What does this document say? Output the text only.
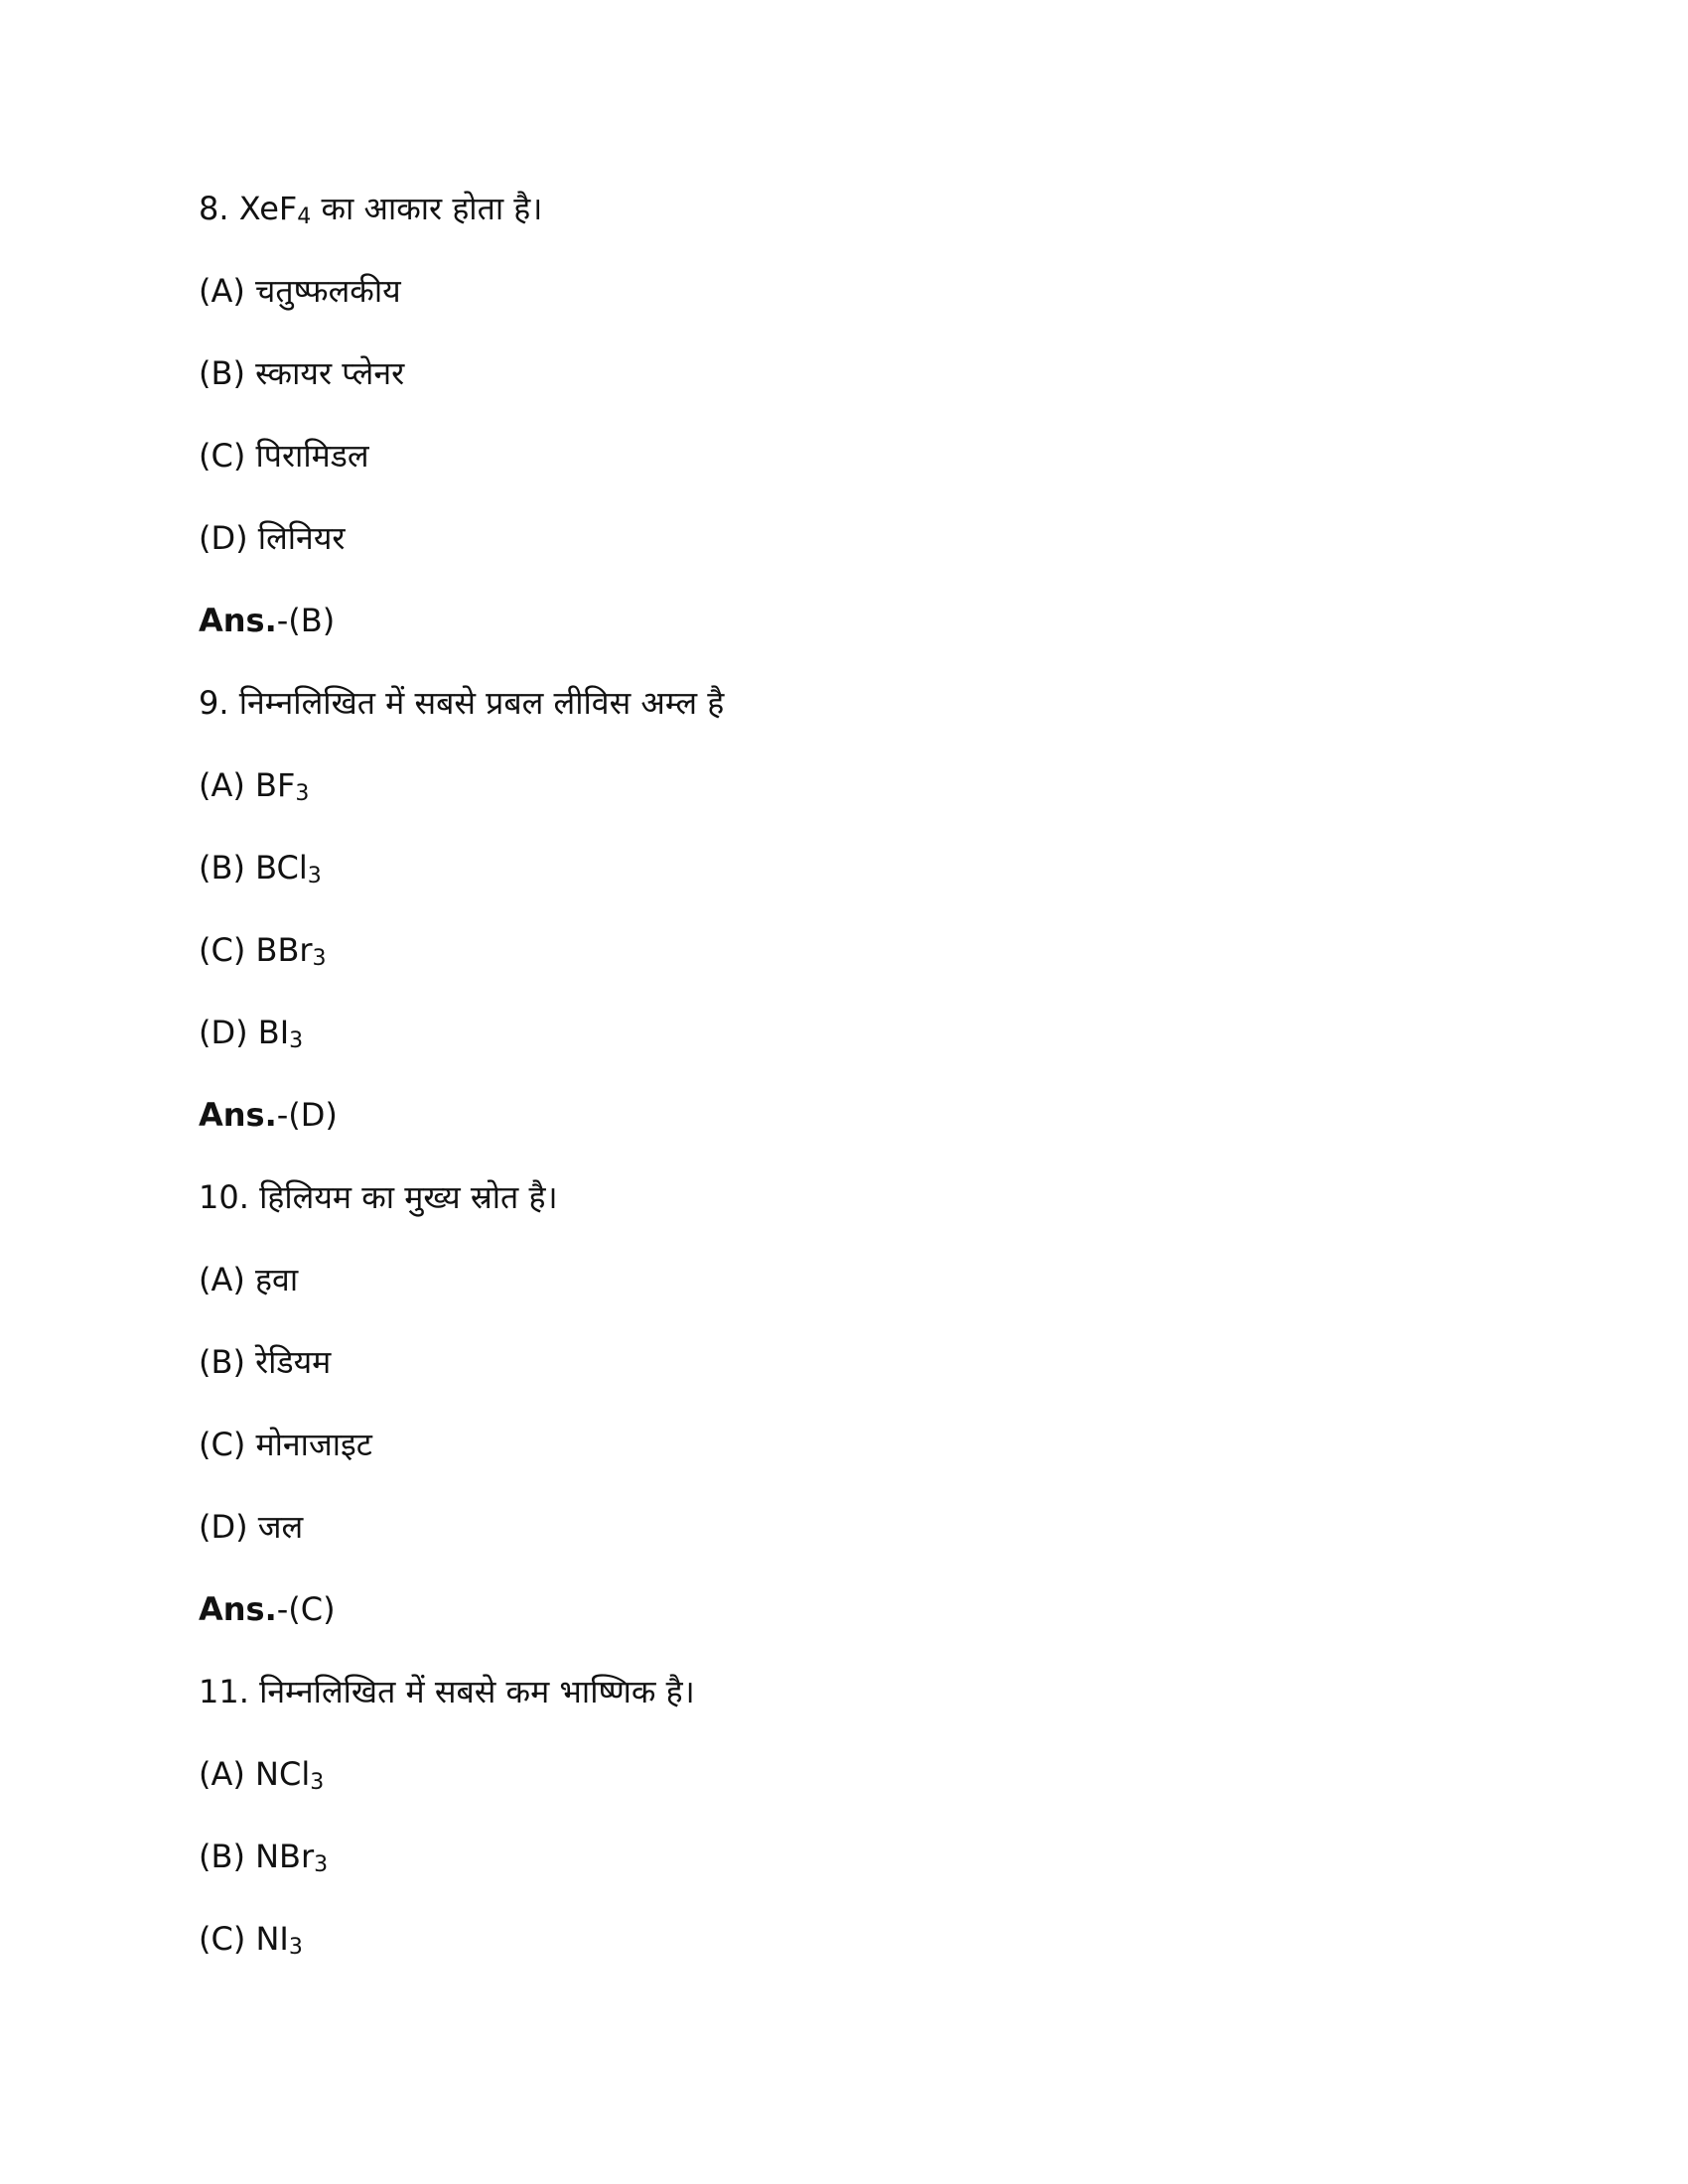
8. XeF$_4$ का आकार होता है।
(A) चतुष्फलकीय
(B) स्कायर प्लेनर
(C) पिरामिडल
(D) लिनियर
Ans.-(B)
9. निम्नलिखित में सबसे प्रबल लीविस अम्ल है
(A) $BF_3$
(B) BCl$_3$
(C) BBr$_3$
(D) $BI_3$
Ans.-(D)
10. हिलियम का मुख्य स्रोत है।
(A) हवा
(B) रेडियम
(C) मोनाजाइट
(D) जल
Ans.-(C)
11. निम्नलिखित में सबसे कम भाष्णिक है।
(A) NCl$_3$
(B) NBr$_3$
(C) $NI_3$
